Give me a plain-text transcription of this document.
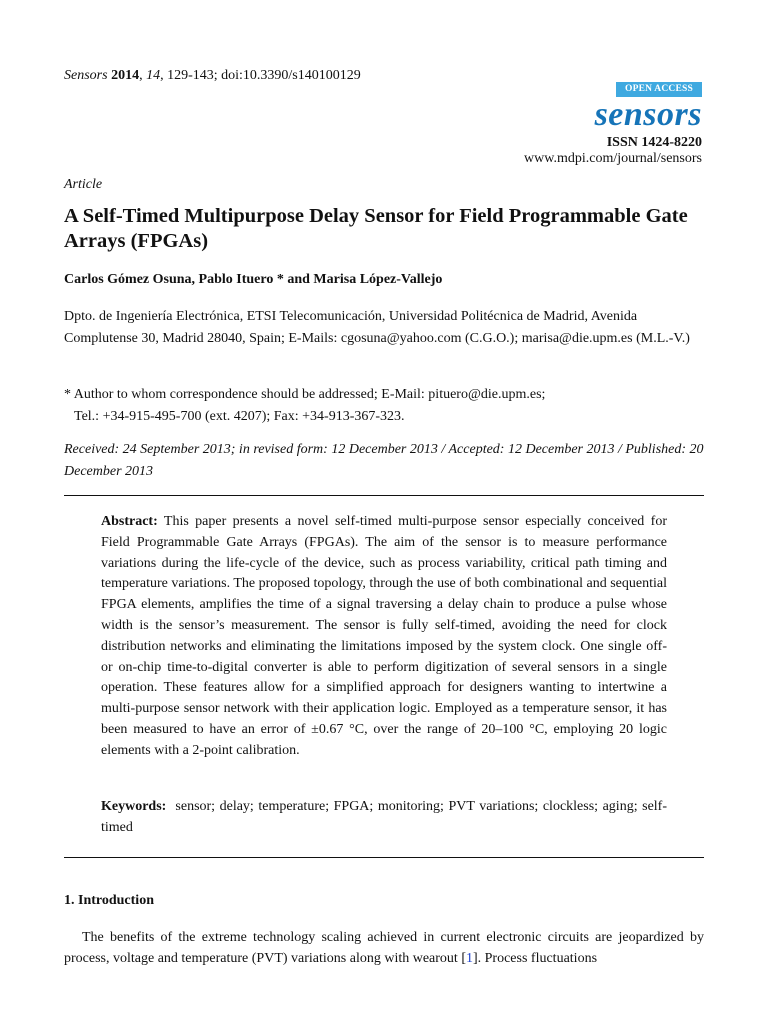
Sensors 2014, 14, 129-143; doi:10.3390/s140100129
OPEN ACCESS
sensors
ISSN 1424-8220
www.mdpi.com/journal/sensors
Article
A Self-Timed Multipurpose Delay Sensor for Field Programmable Gate Arrays (FPGAs)
Carlos Gómez Osuna, Pablo Ituero * and Marisa López-Vallejo
Dpto. de Ingeniería Electrónica, ETSI Telecomunicación, Universidad Politécnica de Madrid, Avenida Complutense 30, Madrid 28040, Spain; E-Mails: cgosuna@yahoo.com (C.G.O.); marisa@die.upm.es (M.L.-V.)
* Author to whom correspondence should be addressed; E-Mail: pituero@die.upm.es;
Tel.: +34-915-495-700 (ext. 4207); Fax: +34-913-367-323.
Received: 24 September 2013; in revised form: 12 December 2013 / Accepted: 12 December 2013 / Published: 20 December 2013
Abstract: This paper presents a novel self-timed multi-purpose sensor especially conceived for Field Programmable Gate Arrays (FPGAs). The aim of the sensor is to measure performance variations during the life-cycle of the device, such as process variability, critical path timing and temperature variations. The proposed topology, through the use of both combinational and sequential FPGA elements, amplifies the time of a signal traversing a delay chain to produce a pulse whose width is the sensor’s measurement. The sensor is fully self-timed, avoiding the need for clock distribution networks and eliminating the limitations imposed by the system clock. One single off- or on-chip time-to-digital converter is able to perform digitization of several sensors in a single operation. These features allow for a simplified approach for designers wanting to intertwine a multi-purpose sensor network with their application logic. Employed as a temperature sensor, it has been measured to have an error of ±0.67 °C, over the range of 20–100 °C, employing 20 logic elements with a 2-point calibration.
Keywords: sensor; delay; temperature; FPGA; monitoring; PVT variations; clockless; aging; self-timed
1. Introduction
The benefits of the extreme technology scaling achieved in current electronic circuits are jeopardized by process, voltage and temperature (PVT) variations along with wearout [1]. Process fluctuations
